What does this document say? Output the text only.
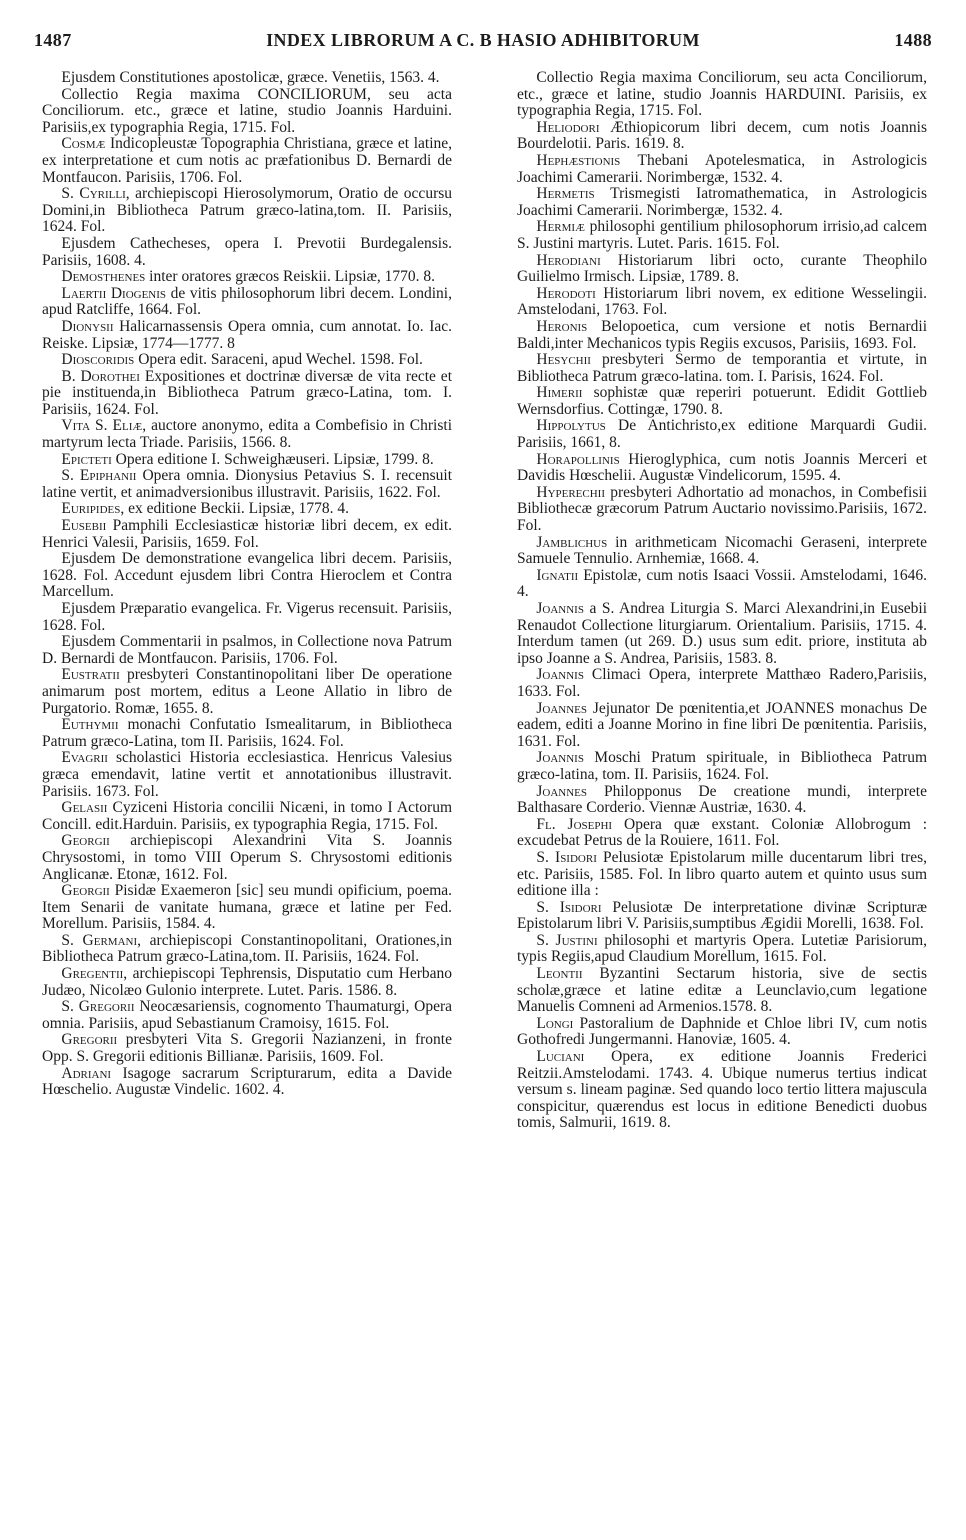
1487	INDEX LIBRORUM A C. B HASIO ADHIBITORUM	1488

Ejusdem Constitutiones apostolicæ, græce. Venetiis, 1563. 4.

Collectio Regia maxima CONCILIORUM, seu acta Conciliorum. etc., græce et latine, studio Joannis Harduini. Parisiis,ex typographia Regia, 1715. Fol.

Cosmæ Indicopleustæ Topographia Christiana, græce et latine, ex interpretatione et cum notis ac præfationibus D. Bernardi de Montfaucon. Parisiis, 1706. Fol.

S. Cyrilli, archiepiscopi Hierosolymorum, Oratio de occursu Domini,in Bibliotheca Patrum græco-latina,tom. II. Parisiis, 1624. Fol.

Ejusdem Cathecheses, opera I. Prevotii Burdegalensis. Parisiis, 1608. 4.

Demosthenes inter oratores græcos Reiskii. Lipsiæ, 1770. 8.

Laertii Diogenis de vitis philosophorum libri decem. Londini, apud Ratcliffe, 1664. Fol.

Dionysii Halicarnassensis Opera omnia, cum annotat. Io. Iac. Reiske. Lipsiæ, 1774—1777. 8

Dioscoridis Opera edit. Saraceni, apud Wechel. 1598. Fol.

B. Dorothei Expositiones et doctrinæ diversæ de vita recte et pie instituenda,in Bibliotheca Patrum græco-Latina, tom. I. Parisiis, 1624. Fol.

Vita S. Eliæ, auctore anonymo, edita a Combefisio in Christi martyrum lecta Triade. Parisiis, 1566. 8.

Epicteti Opera editione I. Schweighæuseri. Lipsiæ, 1799. 8.

S. Epiphanii Opera omnia. Dionysius Petavius S. I. recensuit latine vertit, et animadversionibus illustravit. Parisiis, 1622. Fol.

Euripides, ex editione Beckii. Lipsiæ, 1778. 4.

Eusebii Pamphili Ecclesiasticæ historiæ libri decem, ex edit. Henrici Valesii, Parisiis, 1659. Fol.

Ejusdem De demonstratione evangelica libri decem. Parisiis, 1628. Fol. Accedunt ejusdem libri Contra Hieroclem et Contra Marcellum.

Ejusdem Præparatio evangelica. Fr. Vigerus recensuit. Parisiis, 1628. Fol.

Ejusdem Commentarii in psalmos, in Collectione nova Patrum D. Bernardi de Montfaucon. Parisiis, 1706. Fol.

Eustratii presbyteri Constantinopolitani liber De operatione animarum post mortem, editus a Leone Allatio in libro de Purgatorio. Romæ, 1655. 8.

Euthymii monachi Confutatio Ismealitarum, in Bibliotheca Patrum græco-Latina, tom II. Parisiis, 1624. Fol.

Evagrii scholastici Historia ecclesiastica. Henricus Valesius græca emendavit, latine vertit et annotationibus illustravit. Parisiis. 1673. Fol.

Gelasii Cyziceni Historia concilii Nicæni, in tomo I Actorum Concill. edit.Harduin. Parisiis, ex typographia Regia, 1715. Fol.

Georgii archiepiscopi Alexandrini Vita S. Joannis Chrysostomi, in tomo VIII Operum S. Chrysostomi editionis Anglicanæ. Etonæ, 1612. Fol.

Georgii Pisidæ Exaemeron [sic] seu mundi opificium, poema. Item Senarii de vanitate humana, græce et latine per Fed. Morellum. Parisiis, 1584. 4.

S. Germani, archiepiscopi Constantinopolitani, Orationes,in Bibliotheca Patrum græco-Latina,tom. II. Parisiis, 1624. Fol.

Gregentii, archiepiscopi Tephrensis, Disputatio cum Herbano Judæo, Nicolæo Gulonio interprete. Lutet. Paris. 1586. 8.

S. Gregorii Neocæsariensis, cognomento Thaumaturgi, Opera omnia. Parisiis, apud Sebastianum Cramoisy, 1615. Fol.

Gregorii presbyteri Vita S. Gregorii Nazianzeni, in fronte Opp. S. Gregorii editionis Billianæ. Parisiis, 1609. Fol.

Adriani Isagoge sacrarum Scripturarum, edita a Davide Hœschelio. Augustæ Vindelic. 1602. 4.

Collectio Regia maxima Conciliorum, seu acta Conciliorum, etc., græce et latine, studio Joannis HARDUINI. Parisiis, ex typographia Regia, 1715. Fol.

Heliodori Æthiopicorum libri decem, cum notis Joannis Bourdelotii. Paris. 1619. 8.

Hephæstionis Thebani Apotelesmatica, in Astrologicis Joachimi Camerarii. Norimbergæ, 1532. 4.

Hermetis Trismegisti Iatromathematica, in Astrologicis Joachimi Camerarii. Norimbergæ, 1532. 4.

Hermiæ philosophi gentilium philosophorum irrisio,ad calcem S. Justini martyris. Lutet. Paris. 1615. Fol.

Herodiani Historiarum libri octo, curante Theophilo Guilielmo Irmisch. Lipsiæ, 1789. 8.

Herodoti Historiarum libri novem, ex editione Wesselingii. Amstelodani, 1763. Fol.

Heronis Belopoetica, cum versione et notis Bernardii Baldi,inter Mechanicos typis Regiis excusos, Parisiis, 1693. Fol.

Hesychii presbyteri Sermo de temporantia et virtute, in Bibliotheca Patrum græco-latina. tom. I. Parisis, 1624. Fol.

Himerii sophistæ quæ reperiri potuerunt. Edidit Gottlieb Wernsdorfius. Cottingæ, 1790. 8.

Hippolytus De Antichristo,ex editione Marquardi Gudii. Parisiis, 1661, 8.

Horapollinis Hieroglyphica, cum notis Joannis Merceri et Davidis Hœschelii. Augustæ Vindelicorum, 1595. 4.

Hyperechii presbyteri Adhortatio ad monachos, in Combefisii Bibliothecæ græcorum Patrum Auctario novissimo.Parisiis, 1672. Fol.

Jamblichus in arithmeticam Nicomachi Geraseni, interprete Samuele Tennulio. Arnhemiæ, 1668. 4.

Ignatii Epistolæ, cum notis Isaaci Vossii. Amstelodami, 1646. 4.

Joannis a S. Andrea Liturgia S. Marci Alexandrini,in Eusebii Renaudot Collectione liturgiarum. Orientalium. Parisiis, 1715. 4. Interdum tamen (ut 269. D.) usus sum edit. priore, instituta ab ipso Joanne a S. Andrea, Parisiis, 1583. 8.

Joannis Climaci Opera, interprete Matthæo Radero,Parisiis, 1633. Fol.

Joannes Jejunator De pœnitentia,et JOANNES monachus De eadem, editi a Joanne Morino in fine libri De pœnitentia. Parisiis, 1631. Fol.

Joannis Moschi Pratum spirituale, in Bibliotheca Patrum græco-latina, tom. II. Parisiis, 1624. Fol.

Joannes Philopponus De creatione mundi, interprete Balthasare Corderio. Viennæ Austriæ, 1630. 4.

Fl. Josephi Opera quæ exstant. Coloniæ Allobrogum : excudebat Petrus de la Rouiere, 1611. Fol.

S. Isidori Pelusiotæ Epistolarum mille ducentarum libri tres, etc. Parisiis, 1585. Fol. In libro quarto autem et quinto usus sum editione illa :

S. Isidori Pelusiotæ De interpretatione divinæ Scripturæ Epistolarum libri V. Parisiis,sumptibus Ægidii Morelli, 1638. Fol.

S. Justini philosophi et martyris Opera. Lutetiæ Parisiorum, typis Regiis,apud Claudium Morellum, 1615. Fol.

Leontii Byzantini Sectarum historia, sive de sectis scholæ,græce et latine editæ a Leunclavio,cum legatione Manuelis Comneni ad Armenios.1578. 8.

Longi Pastoralium de Daphnide et Chloe libri IV, cum notis Gothofredi Jungermanni. Hanoviæ, 1605. 4.

Luciani Opera, ex editione Joannis Frederici Reitzii.Amstelodami. 1743. 4. Ubique numerus tertius indicat versum s. lineam paginæ. Sed quando loco tertio littera majuscula conspicitur, quærendus est locus in editione Benedicti duobus tomis, Salmurii, 1619. 8.
